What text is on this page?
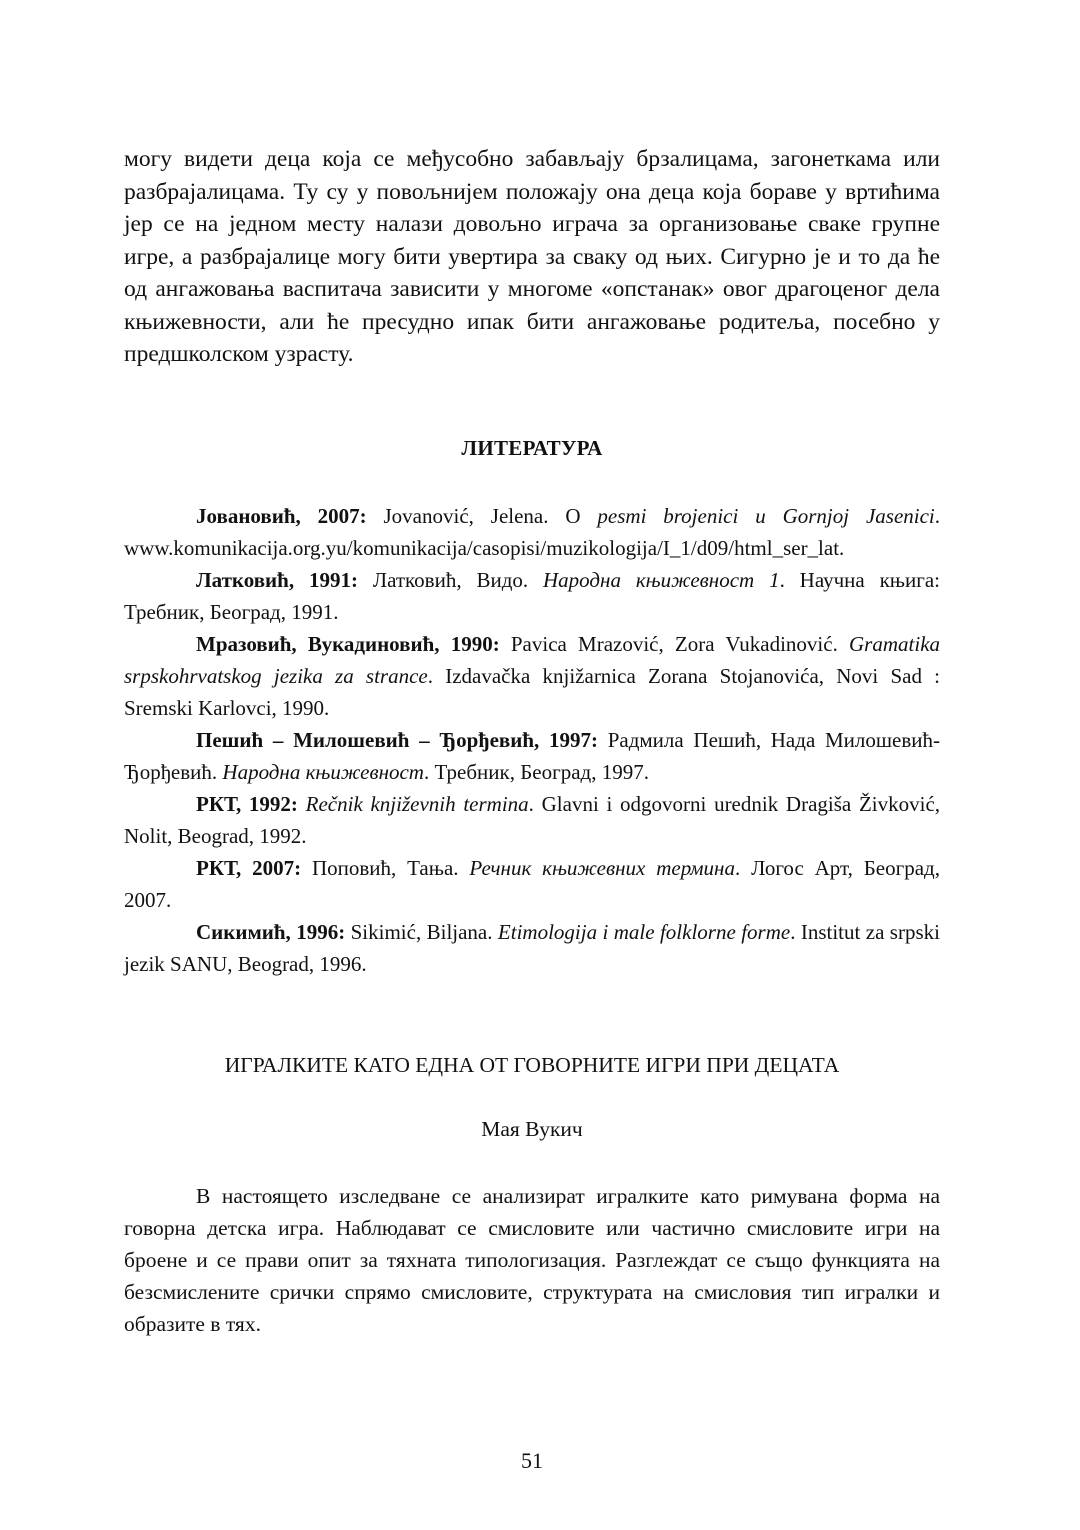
могу видети деца која се међусобно забављају брзалицама, загонеткама или разбрајалицама. Ту су у повољнијем положају она деца која бораве у вртићима јер се на једном месту налази довољно играча за организовање сваке групне игре, а разбрајалице могу бити увертира за сваку од њих. Сигурно је и то да ће од ангажовања васпитача зависити у многоме «опстанак» овог драгоценог дела књижевности, али ће пресудно ипак бити ангажовање родитеља, посебно у предшколском узрасту.

ЛИТЕРАТУРА

Јовановић, 2007: Jovanović, Jelena. O pesmi brojenici u Gornjoj Jasenici. www.komunikacija.org.yu/komunikacija/casopisi/muzikologija/I_1/d09/html_ser_lat.

Латковић, 1991: Латковић, Видо. Народна књижевност 1. Научна књига: Требник, Београд, 1991.

Мразовић, Вукадиновић, 1990: Pavica Mrazović, Zora Vukadinović. Gramatika srpskohrvatskog jezika za strance. Izdavačka knjižarnica Zorana Stojanovića, Novi Sad : Sremski Karlovci, 1990.

Пешић – Милошевић – Ђорђевић, 1997: Радмила Пешић, Нада Милошевић-Ђорђевић. Народна књижевност. Требник, Београд, 1997.

РКТ, 1992: Rečnik književnih termina. Glavni i odgovorni urednik Dragiša Živković, Nolit, Beograd, 1992.

РКТ, 2007: Поповић, Тања. Речник књижевних термина. Логос Арт, Београд, 2007.

Сикимић, 1996: Sikimić, Biljana. Etimologija i male folklorne forme. Institut za srpski jezik SANU, Beograd, 1996.

ИГРАЛКИТЕ КАТО ЕДНА ОТ ГОВОРНИТЕ ИГРИ ПРИ ДЕЦАТА
Мая Вукич

В настоящето изследване се анализират игралките като римувана форма на говорна детска игра. Наблюдават се смисловите или частично смисловите игри на броене и се прави опит за тяхната типологизация. Разглеждат се също функцията на безсмислените срички спрямо смисловите, структурата на смисловия тип игралки и образите в тях.

51
